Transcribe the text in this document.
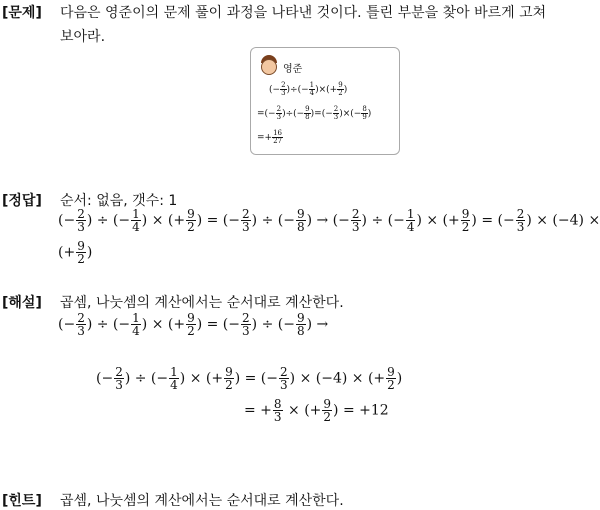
[문제] 다음은 영준이의 문제 풀이 과정을 나타낸 것이다. 틀린 부분을 찾아 바르게 고쳐
보아라.
영준
(− $\frac{2}{3}$ )÷(− $\frac{1}{4}$ )×(+ $\frac{9}{2}$ )
=(− $\frac{2}{3}$ )÷(− $\frac{9}{8}$ )=(− $\frac{2}{3}$ )×(− $\frac{8}{9}$ )
=+ $\frac{16}{27}$
[정답] 순서: 없음, 갯수: 1
(− $\frac{2}{3}$ ) ÷ (− $\frac{1}{4}$ ) × (+ $\frac{9}{2}$ ) = (− $\frac{2}{3}$ ) ÷ (− $\frac{9}{8}$ ) → (− $\frac{2}{3}$ ) ÷ (− $\frac{1}{4}$ ) × (+ $\frac{9}{2}$ ) = (− $\frac{2}{3}$ ) × (−4) ×
(+ $\frac{9}{2}$ )
[해설] 곱셈, 나눗셈의 계산에서는 순서대로 계산한다.
(− $\frac{2}{3}$ ) ÷ (− $\frac{1}{4}$ ) × (+ $\frac{9}{2}$ ) = (− $\frac{2}{3}$ ) ÷ (− $\frac{9}{8}$ ) →
(− $\frac{2}{3}$ ) ÷ (− $\frac{1}{4}$ ) × (+ $\frac{9}{2}$ ) = (− $\frac{2}{3}$ ) × (−4) × (+ $\frac{9}{2}$ )
= + $\frac{8}{3}$ × (+ $\frac{9}{2}$ ) = +12
[힌트] 곱셈, 나눗셈의 계산에서는 순서대로 계산한다.
